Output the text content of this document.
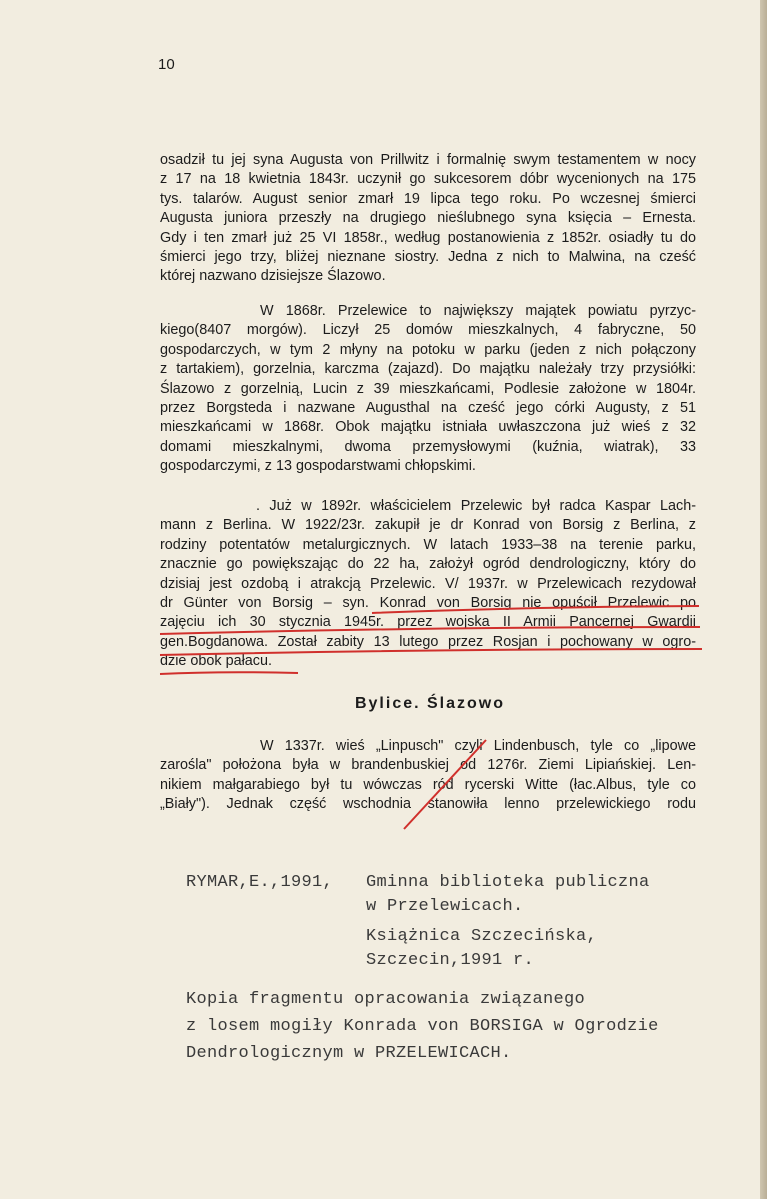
10
osadził tu jej syna Augusta von Prillwitz i formalnię swym testamentem w nocy
z 17 na 18 kwietnia 1843r. uczynił go sukcesorem dóbr wycenionych na 175
tys. talarów. August senior zmarł 19 lipca tego roku. Po wczesnej śmierci
Augusta juniora przeszły na drugiego nieślubnego syna księcia – Ernesta.
Gdy i ten zmarł już 25 VI 1858r., według postanowienia z 1852r. osiadły tu do
śmierci jego trzy, bliżej nieznane siostry. Jedna z nich to Malwina, na cześć
której nazwano dzisiejsze Ślazowo.
W 1868r. Przelewice to największy majątek powiatu pyrzyc-
kiego(8407 morgów). Liczył 25 domów mieszkalnych, 4 fabryczne, 50
gospodarczych, w tym 2 młyny na potoku w parku (jeden z nich połączony
z tartakiem), gorzelnia, karczma (zajazd). Do majątku należały trzy przysiółki:
Ślazowo z gorzelnią, Lucin z 39 mieszkańcami, Podlesie założone w 1804r.
przez Borgsteda i nazwane Augusthal na cześć jego córki Augusty, z 51
mieszkańcami w 1868r. Obok majątku istniała uwłaszczona już wieś z 32
domami mieszkalnymi, dwoma przemysłowymi (kuźnia, wiatrak), 33
gospodarczymi, z 13 gospodarstwami chłopskimi.
. Już w 1892r. właścicielem Przelewic był radca Kaspar Lach-
mann z Berlina. W 1922/23r. zakupił je dr Konrad von Borsig z Berlina, z
rodziny potentatów metalurgicznych. W latach 1933–38 na terenie parku,
znacznie go powiększając do 22 ha, założył ogród dendrologiczny, który do
dzisiaj jest ozdobą i atrakcją Przelewic. V/ 1937r. w Przelewicach rezydował
dr Günter von Borsig – syn. Konrad von Borsig nie opuścił Przelewic po
zajęciu ich 30 stycznia 1945r. przez wojska II Armii Pancernej Gwardii
gen.Bogdanowa. Został zabity 13 lutego przez Rosjan i pochowany w ogro-
dzie obok pałacu.
Bylice. Ślazowo
W 1337r. wieś „Linpusch" czyli Lindenbusch, tyle co „lipowe
zarośla" położona była w brandenbuskiej od 1276r. Ziemi Lipiańskiej. Len-
nikiem małgarabiego był tu wówczas ród rycerski Witte (łac.Albus, tyle co
„Biały"). Jednak część wschodnia stanowiła lenno przelewickiego rodu
RYMAR,E.,1991, Gminna biblioteka publiczna
w Przelewicach.
Książnica Szczecińska,
Szczecin,1991 r.
Kopia fragmentu opracowania związanego
z losem mogiły Konrada von BORSIGA w Ogrodzie
Dendrologicznym w PRZELEWICACH.
